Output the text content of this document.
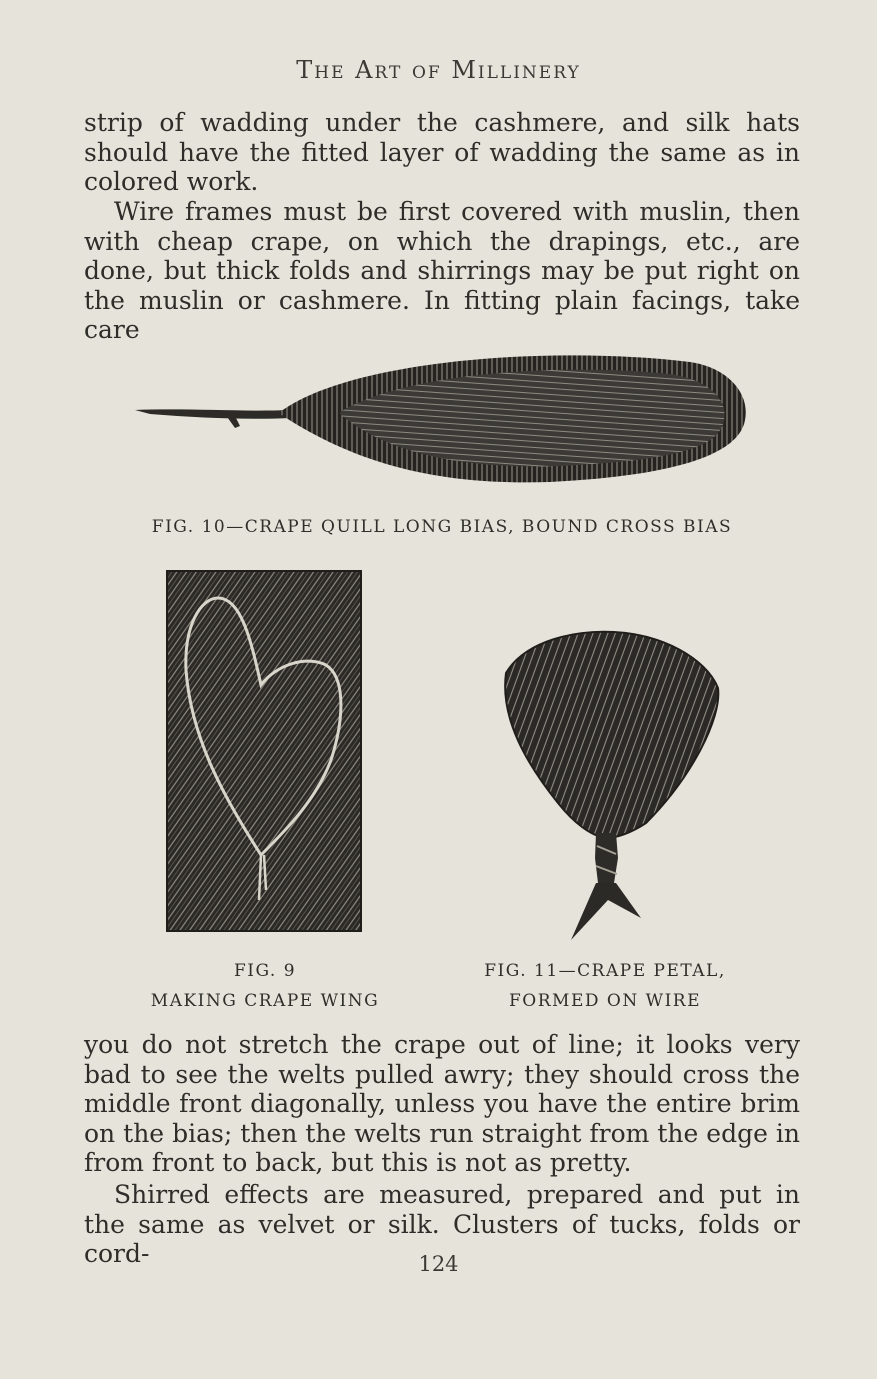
The Art of Millinery

strip of wadding under the cashmere, and silk hats should have the fitted layer of wadding the same as in colored work.

Wire frames must be first covered with muslin, then with cheap crape, on which the drapings, etc., are done, but thick folds and shirrings may be put right on the muslin or cashmere. In fitting plain facings, take care

FIG. 10—CRAPE QUILL LONG BIAS, BOUND CROSS BIAS
FIG. 9
MAKING CRAPE WING
FIG. 11—CRAPE PETAL,
FORMED ON WIRE

you do not stretch the crape out of line; it looks very bad to see the welts pulled awry; they should cross the middle front diagonally, unless you have the entire brim on the bias; then the welts run straight from the edge in from front to back, but this is not as pretty.

Shirred effects are measured, prepared and put in the same as velvet or silk. Clusters of tucks, folds or cord-	124
